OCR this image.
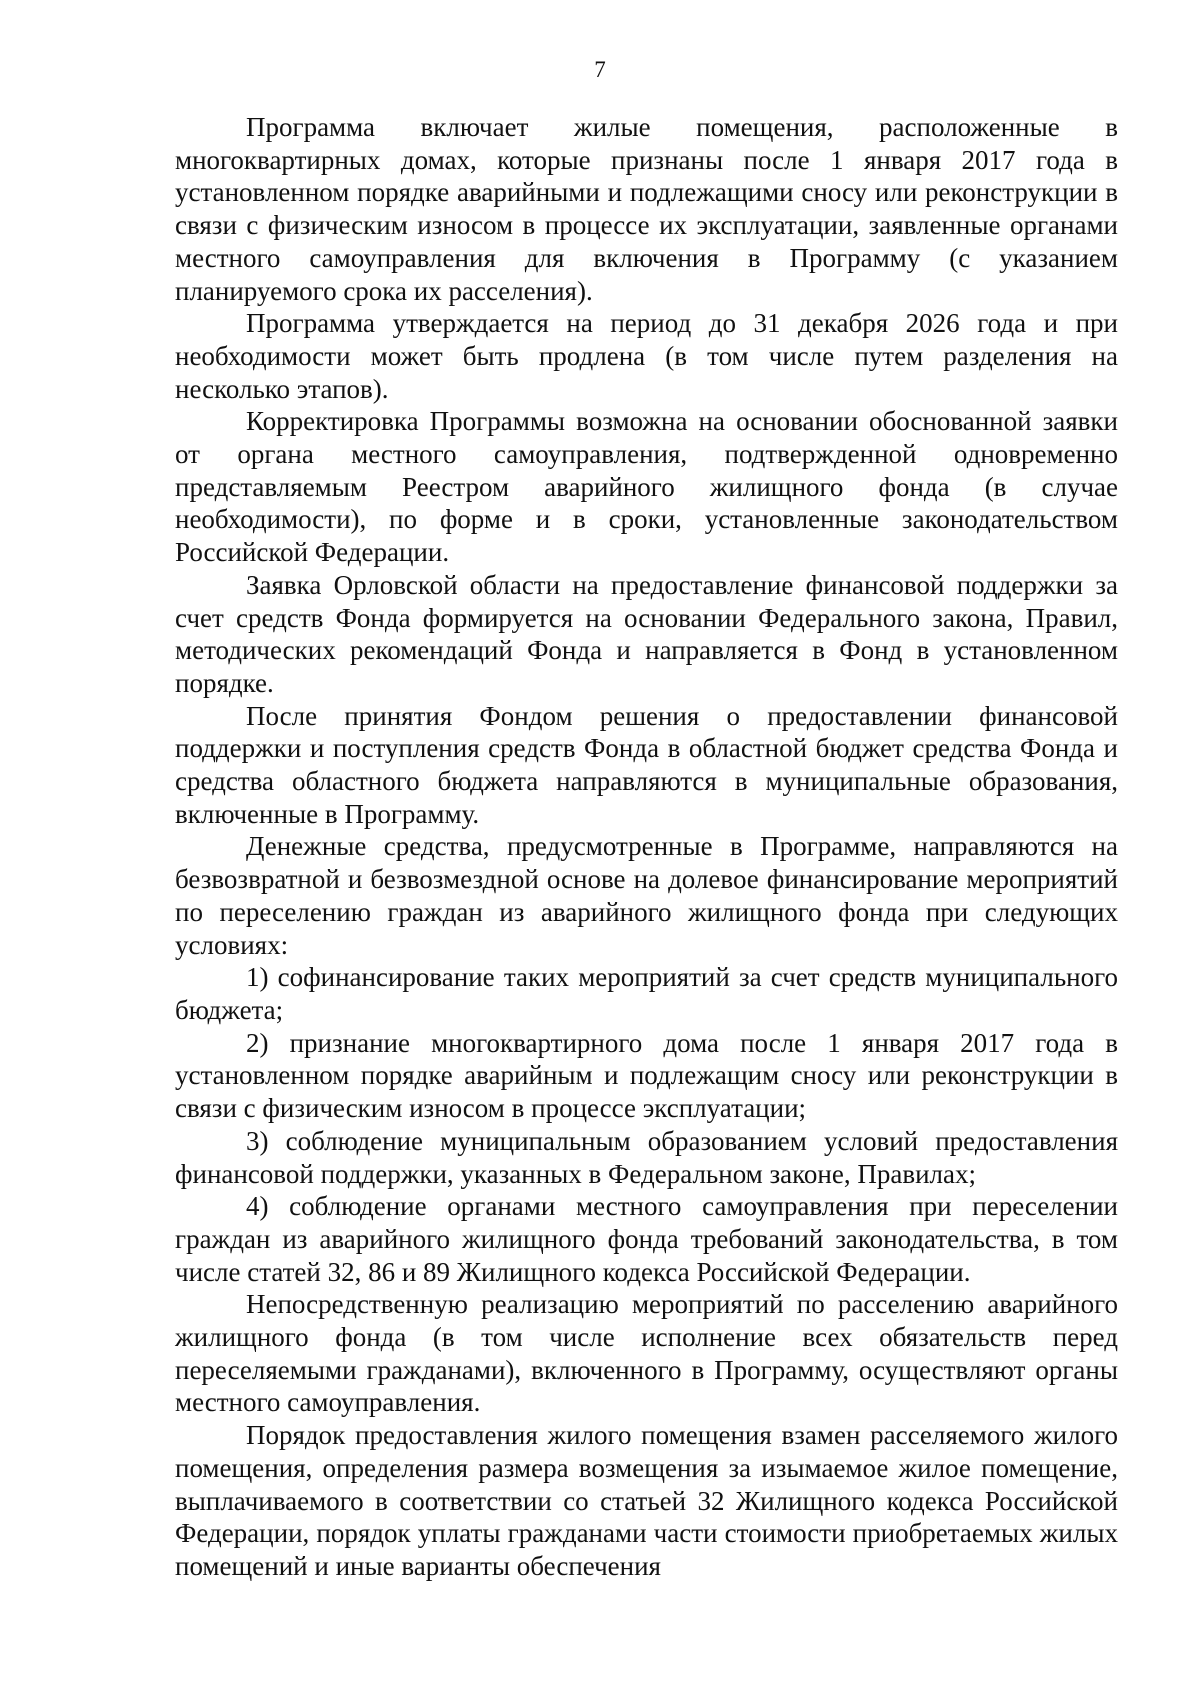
7

Программа включает жилые помещения, расположенные в многоквартирных домах, которые признаны после 1 января 2017 года в установленном порядке аварийными и подлежащими сносу или реконструкции в связи с физическим износом в процессе их эксплуатации, заявленные органами местного самоуправления для включения в Программу (с указанием планируемого срока их расселения).

Программа утверждается на период до 31 декабря 2026 года и при необходимости может быть продлена (в том числе путем разделения на несколько этапов).

Корректировка Программы возможна на основании обоснованной заявки от органа местного самоуправления, подтвержденной одновременно представляемым Реестром аварийного жилищного фонда (в случае необходимости), по форме и в сроки, установленные законодательством Российской Федерации.

Заявка Орловской области на предоставление финансовой поддержки за счет средств Фонда формируется на основании Федерального закона, Правил, методических рекомендаций Фонда и направляется в Фонд в установленном порядке.

После принятия Фондом решения о предоставлении финансовой поддержки и поступления средств Фонда в областной бюджет средства Фонда и средства областного бюджета направляются в муниципальные образования, включенные в Программу.

Денежные средства, предусмотренные в Программе, направляются на безвозвратной и безвозмездной основе на долевое финансирование мероприятий по переселению граждан из аварийного жилищного фонда при следующих условиях:

1) софинансирование таких мероприятий за счет средств муниципального бюджета;

2) признание многоквартирного дома после 1 января 2017 года в установленном порядке аварийным и подлежащим сносу или реконструкции в связи с физическим износом в процессе эксплуатации;

3) соблюдение муниципальным образованием условий предоставления финансовой поддержки, указанных в Федеральном законе, Правилах;

4) соблюдение органами местного самоуправления при переселении граждан из аварийного жилищного фонда требований законодательства, в том числе статей 32, 86 и 89 Жилищного кодекса Российской Федерации.

Непосредственную реализацию мероприятий по расселению аварийного жилищного фонда (в том числе исполнение всех обязательств перед переселяемыми гражданами), включенного в Программу, осуществляют органы местного самоуправления.

Порядок предоставления жилого помещения взамен расселяемого жилого помещения, определения размера возмещения за изымаемое жилое помещение, выплачиваемого в соответствии со статьей 32 Жилищного кодекса Российской Федерации, порядок уплаты гражданами части стоимости приобретаемых жилых помещений и иные варианты обеспечения
